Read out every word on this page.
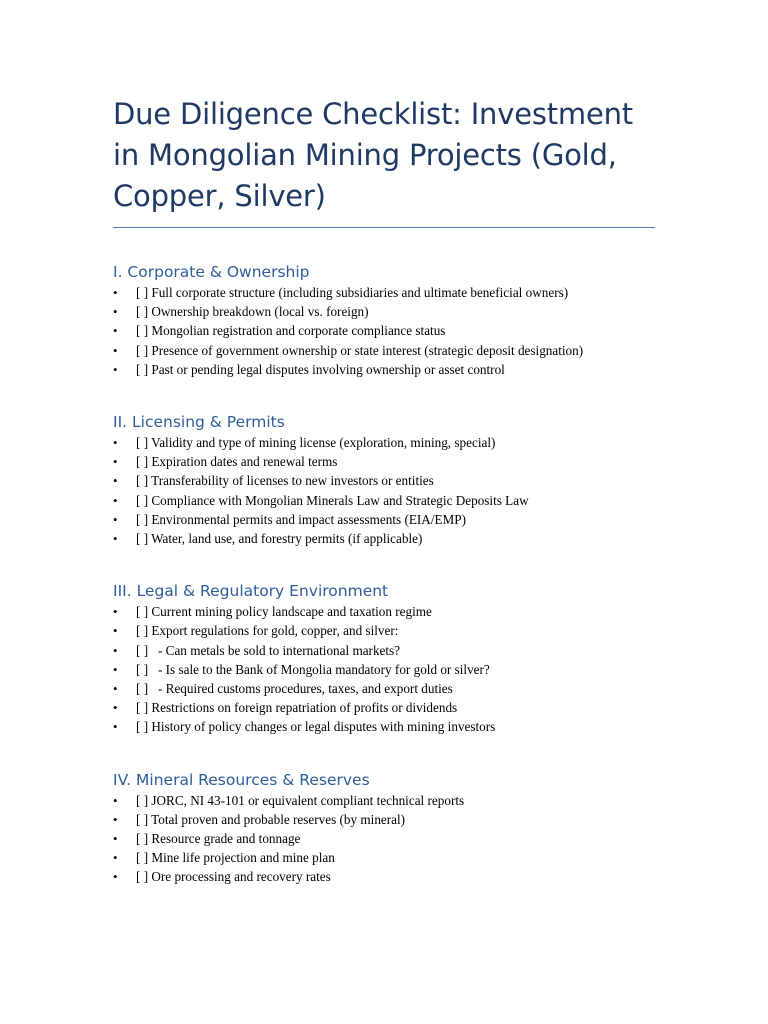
Due Diligence Checklist: Investment in Mongolian Mining Projects (Gold, Copper, Silver)
I. Corporate & Ownership
• [ ] Full corporate structure (including subsidiaries and ultimate beneficial owners)
• [ ] Ownership breakdown (local vs. foreign)
• [ ] Mongolian registration and corporate compliance status
• [ ] Presence of government ownership or state interest (strategic deposit designation)
• [ ] Past or pending legal disputes involving ownership or asset control
II. Licensing & Permits
• [ ] Validity and type of mining license (exploration, mining, special)
• [ ] Expiration dates and renewal terms
• [ ] Transferability of licenses to new investors or entities
• [ ] Compliance with Mongolian Minerals Law and Strategic Deposits Law
• [ ] Environmental permits and impact assessments (EIA/EMP)
• [ ] Water, land use, and forestry permits (if applicable)
III. Legal & Regulatory Environment
• [ ] Current mining policy landscape and taxation regime
• [ ] Export regulations for gold, copper, and silver:
• [ ]   - Can metals be sold to international markets?
• [ ]   - Is sale to the Bank of Mongolia mandatory for gold or silver?
• [ ]   - Required customs procedures, taxes, and export duties
• [ ] Restrictions on foreign repatriation of profits or dividends
• [ ] History of policy changes or legal disputes with mining investors
IV. Mineral Resources & Reserves
• [ ] JORC, NI 43-101 or equivalent compliant technical reports
• [ ] Total proven and probable reserves (by mineral)
• [ ] Resource grade and tonnage
• [ ] Mine life projection and mine plan
• [ ] Ore processing and recovery rates
